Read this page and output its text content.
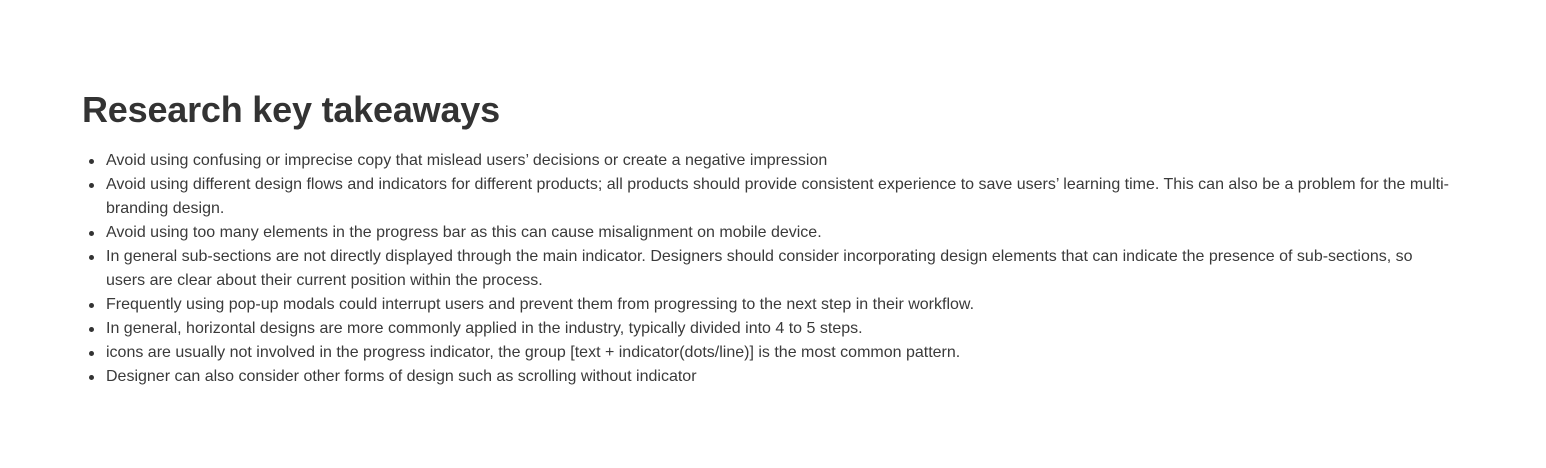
Research key takeaways
Avoid using confusing or imprecise copy that mislead users’ decisions or create a negative impression
Avoid using different design flows and indicators for different products; all products should provide consistent experience to save users’ learning time. This can also be a problem for the multi-branding design.
Avoid using too many elements in the progress bar as this can cause misalignment on mobile device.
In general sub-sections are not directly displayed through the main indicator. Designers should consider incorporating design elements that can indicate the presence of sub-sections, so users are clear about their current position within the process.
Frequently using pop-up modals could interrupt users and prevent them from progressing to the next step in their workflow.
In general, horizontal designs are more commonly applied in the industry, typically divided into 4 to 5 steps.
icons are usually not involved in the progress indicator, the group [text + indicator(dots/line)] is the most common pattern.
Designer can also consider other forms of design such as scrolling without indicator
